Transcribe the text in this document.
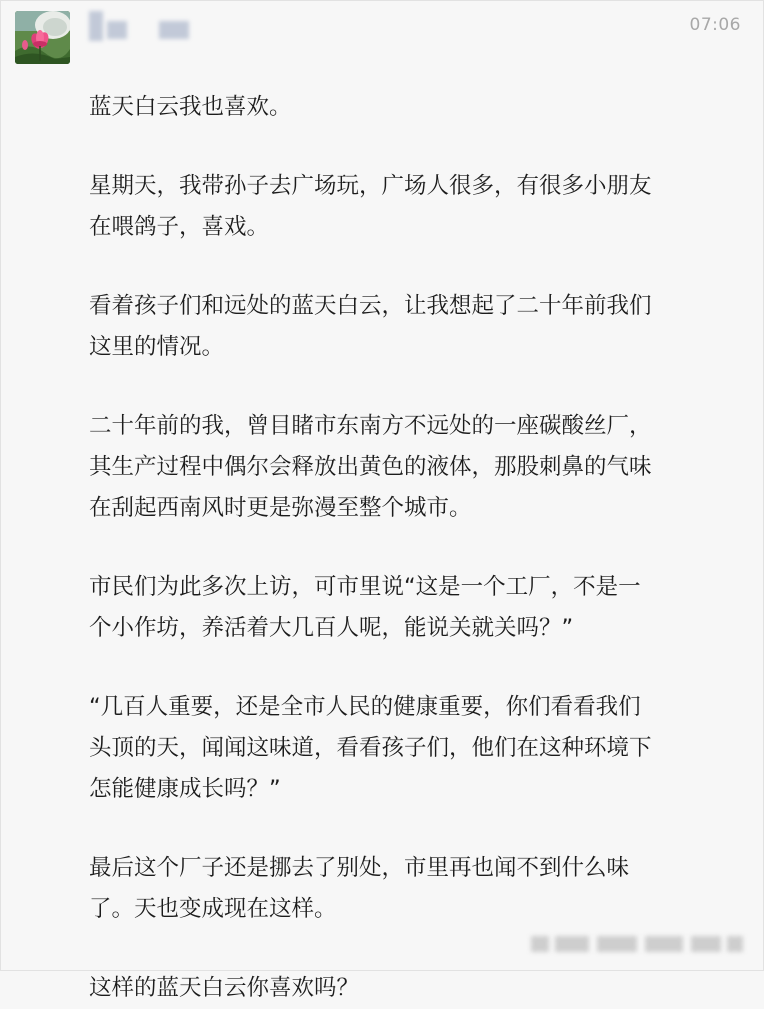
07:06

蓝天白云我也喜欢。

星期天，我带孙子去广场玩，广场人很多，有很多小朋友
在喂鸽子，喜戏。

看着孩子们和远处的蓝天白云，让我想起了二十年前我们
这里的情况。

二十年前的我，曾目睹市东南方不远处的一座碳酸丝厂，
其生产过程中偶尔会释放出黄色的液体，那股刺鼻的气味
在刮起西南风时更是弥漫至整个城市。

市民们为此多次上访，可市里说“这是一个工厂，不是一
个小作坊，养活着大几百人呢，能说关就关吗？”

“几百人重要，还是全市人民的健康重要，你们看看我们
头顶的天，闻闻这味道，看看孩子们，他们在这种环境下
怎能健康成长吗？”

最后这个厂子还是挪去了别处，市里再也闻不到什么味
了。天也变成现在这样。

这样的蓝天白云你喜欢吗？
